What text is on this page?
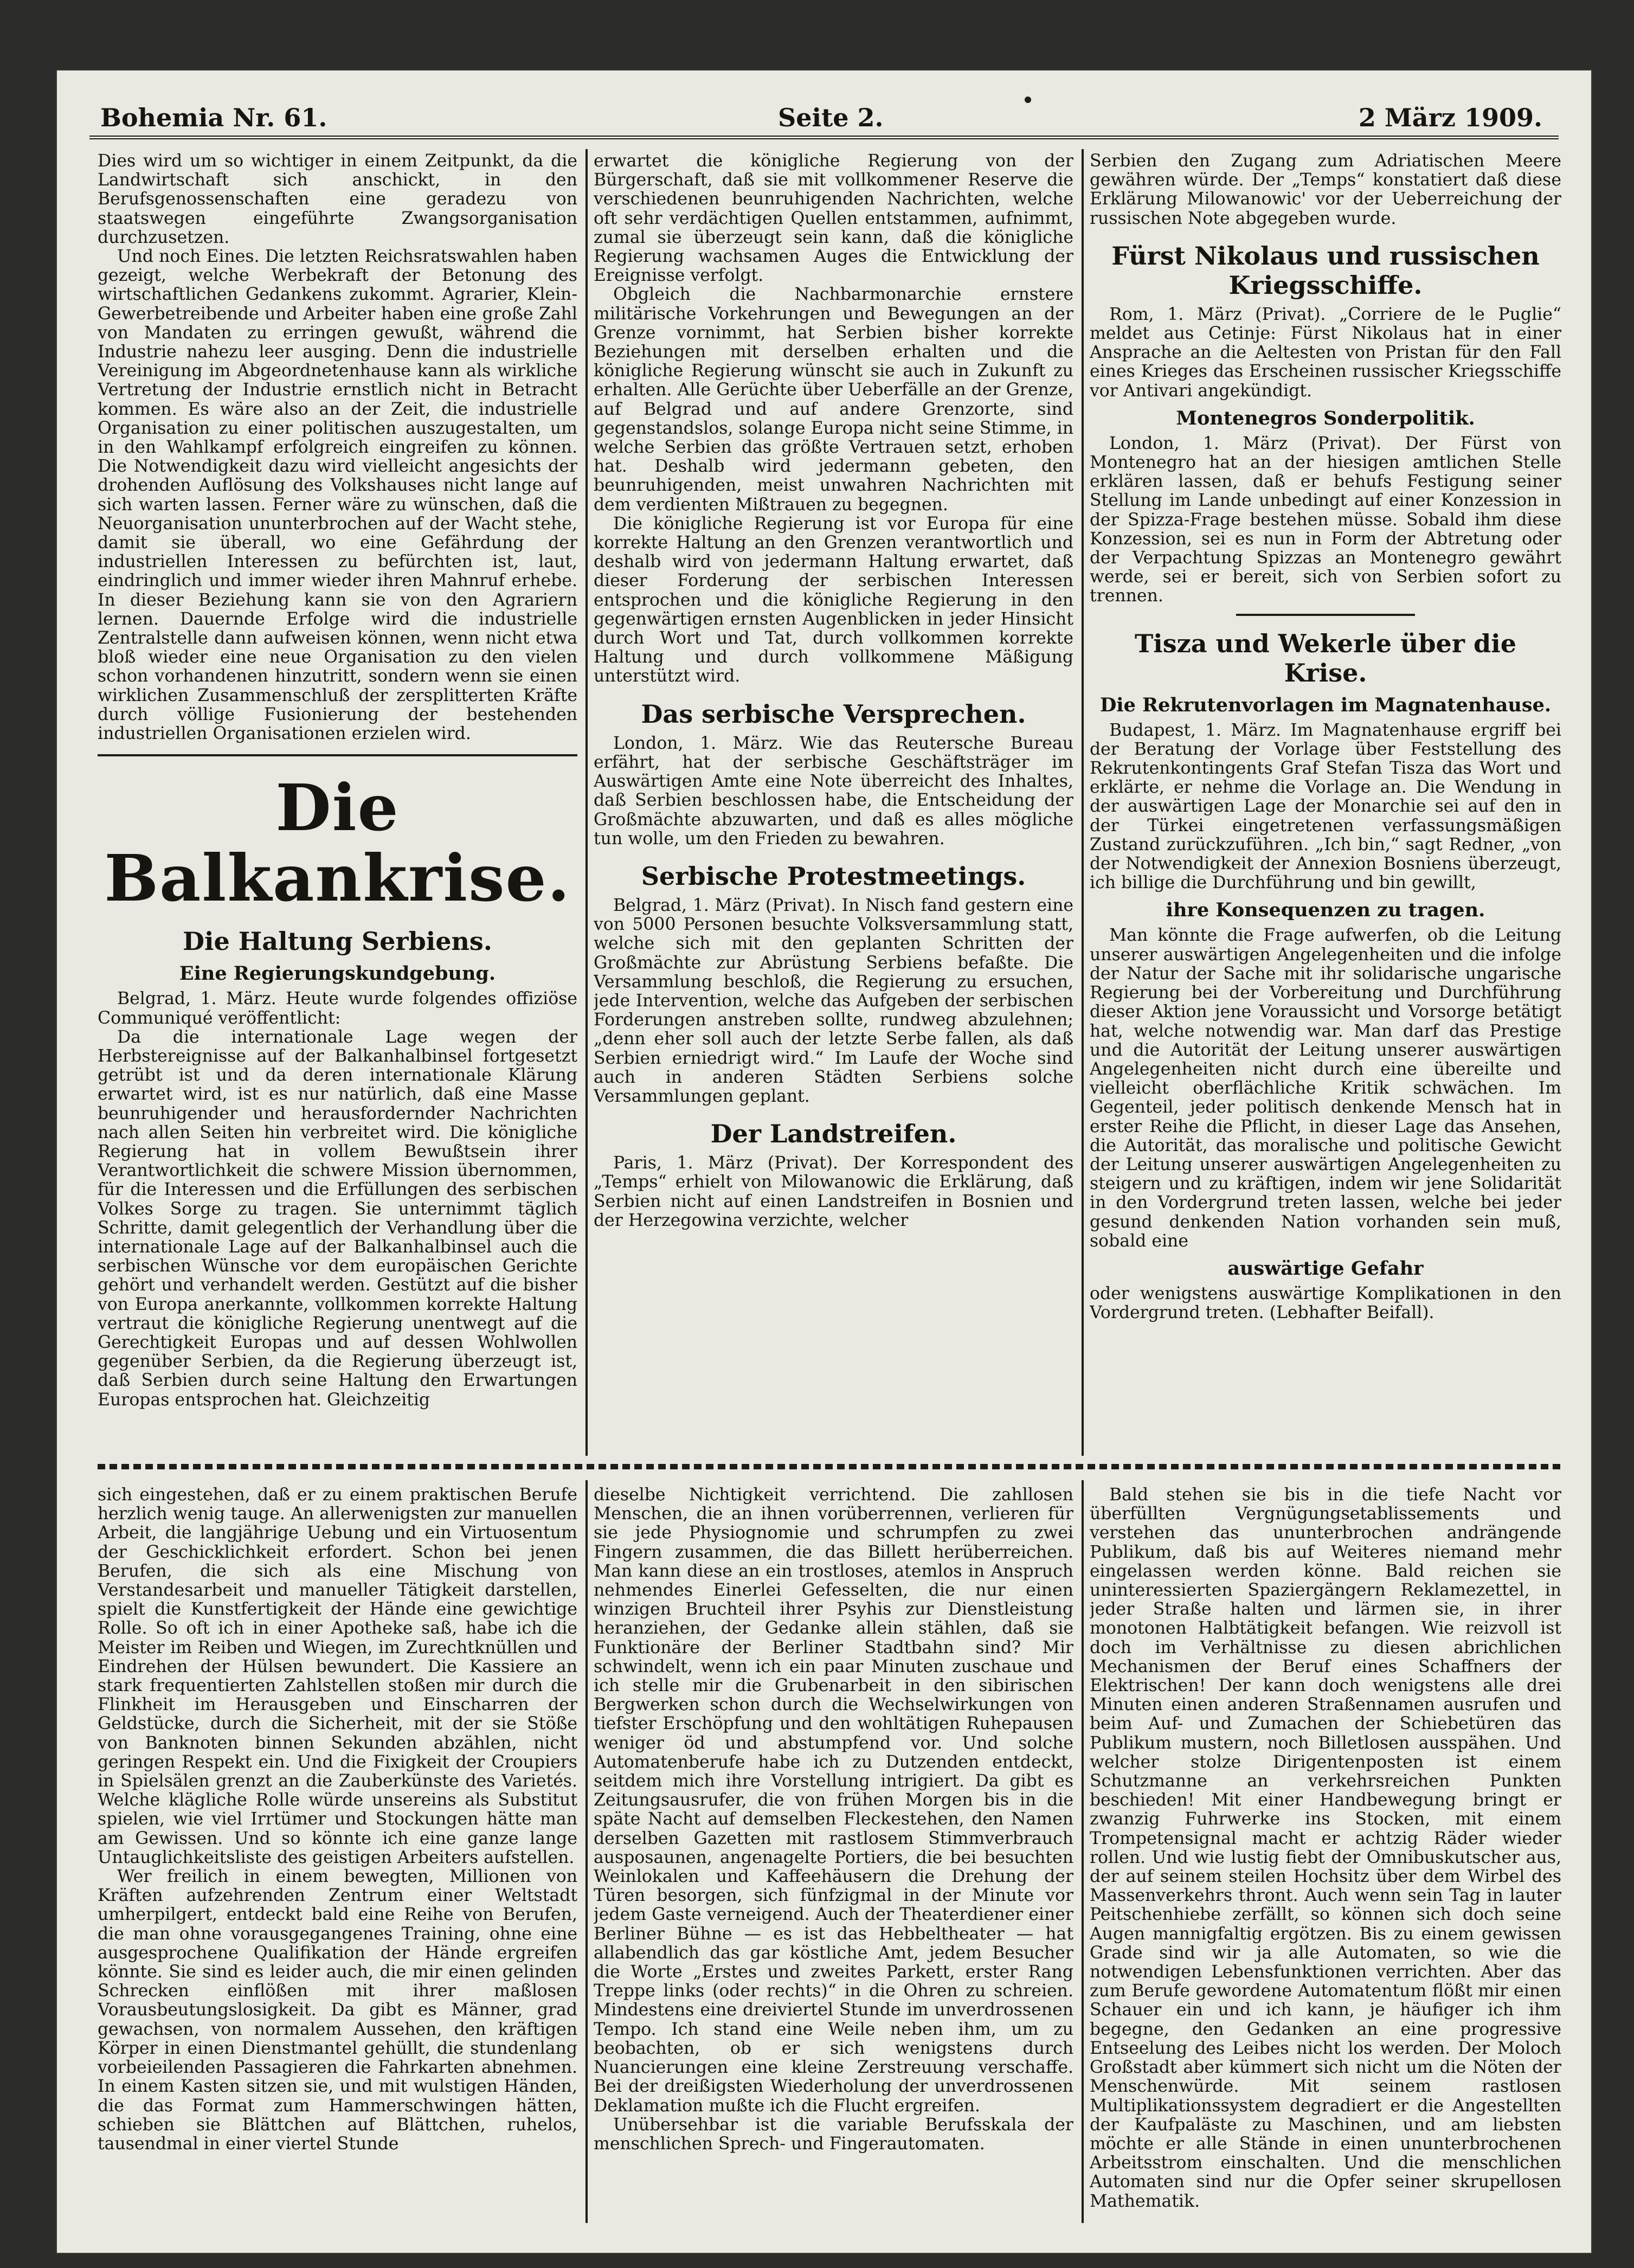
Bohemia Nr. 61.	Seite 2.	2 März 1909.

Dies wird um so wichtiger in einem Zeitpunkt, da die Landwirtschaft sich anschickt, in den Berufsgenossenschaften eine geradezu von staatswegen eingeführte Zwangsorganisation durchzusetzen.

Und noch Eines. Die letzten Reichsratswahlen haben gezeigt, welche Werbekraft der Betonung des wirtschaftlichen Gedankens zukommt. Agrarier, Klein-Gewerbetreibende und Arbeiter haben eine große Zahl von Mandaten zu erringen gewußt, während die Industrie nahezu leer ausging. Denn die industrielle Vereinigung im Abgeordnetenhause kann als wirkliche Vertretung der Industrie ernstlich nicht in Betracht kommen. Es wäre also an der Zeit, die industrielle Organisation zu einer politischen auszugestalten, um in den Wahlkampf erfolgreich eingreifen zu können. Die Notwendigkeit dazu wird vielleicht angesichts der drohenden Auflösung des Volkshauses nicht lange auf sich warten lassen. Ferner wäre zu wünschen, daß die Neuorganisation ununterbrochen auf der Wacht stehe, damit sie überall, wo eine Gefährdung der industriellen Interessen zu befürchten ist, laut, eindringlich und immer wieder ihren Mahnruf erhebe. In dieser Beziehung kann sie von den Agrariern lernen. Dauernde Erfolge wird die industrielle Zentralstelle dann aufweisen können, wenn nicht etwa bloß wieder eine neue Organisation zu den vielen schon vorhandenen hinzutritt, sondern wenn sie einen wirklichen Zusammenschluß der zersplitterten Kräfte durch völlige Fusionierung der bestehenden industriellen Organisationen erzielen wird.

Die Balkankrise.
Die Haltung Serbiens.
Eine Regierungskundgebung.

Belgrad, 1. März. Heute wurde folgendes offiziöse Communiqué veröffentlicht:

Da die internationale Lage wegen der Herbstereignisse auf der Balkanhalbinsel fortgesetzt getrübt ist und da deren internationale Klärung erwartet wird, ist es nur natürlich, daß eine Masse beunruhigender und herausfordernder Nachrichten nach allen Seiten hin verbreitet wird. Die königliche Regierung hat in vollem Bewußtsein ihrer Verantwortlichkeit die schwere Mission übernommen, für die Interessen und die Erfüllungen des serbischen Volkes Sorge zu tragen. Sie unternimmt täglich Schritte, damit gelegentlich der Verhandlung über die internationale Lage auf der Balkanhalbinsel auch die serbischen Wünsche vor dem europäischen Gerichte gehört und verhandelt werden. Gestützt auf die bisher von Europa anerkannte, vollkommen korrekte Haltung vertraut die königliche Regierung unentwegt auf die Gerechtigkeit Europas und auf dessen Wohlwollen gegenüber Serbien, da die Regierung überzeugt ist, daß Serbien durch seine Haltung den Erwartungen Europas entsprochen hat. Gleichzeitig

erwartet die königliche Regierung von der Bürgerschaft, daß sie mit vollkommener Reserve die verschiedenen beunruhigenden Nachrichten, welche oft sehr verdächtigen Quellen entstammen, aufnimmt, zumal sie überzeugt sein kann, daß die königliche Regierung wachsamen Auges die Entwicklung der Ereignisse verfolgt.

Obgleich die Nachbarmonarchie ernstere militärische Vorkehrungen und Bewegungen an der Grenze vornimmt, hat Serbien bisher korrekte Beziehungen mit derselben erhalten und die königliche Regierung wünscht sie auch in Zukunft zu erhalten. Alle Gerüchte über Ueberfälle an der Grenze, auf Belgrad und auf andere Grenzorte, sind gegenstandslos, solange Europa nicht seine Stimme, in welche Serbien das größte Vertrauen setzt, erhoben hat. Deshalb wird jedermann gebeten, den beunruhigenden, meist unwahren Nachrichten mit dem verdienten Mißtrauen zu begegnen.

Die königliche Regierung ist vor Europa für eine korrekte Haltung an den Grenzen verantwortlich und deshalb wird von jedermann Haltung erwartet, daß dieser Forderung der serbischen Interessen entsprochen und die königliche Regierung in den gegenwärtigen ernsten Augenblicken in jeder Hinsicht durch Wort und Tat, durch vollkommen korrekte Haltung und durch vollkommene Mäßigung unterstützt wird.

Das serbische Versprechen.

London, 1. März. Wie das Reutersche Bureau erfährt, hat der serbische Geschäftsträger im Auswärtigen Amte eine Note überreicht des Inhaltes, daß Serbien beschlossen habe, die Entscheidung der Großmächte abzuwarten, und daß es alles mögliche tun wolle, um den Frieden zu bewahren.

Serbische Protestmeetings.

Belgrad, 1. März (Privat). In Nisch fand gestern eine von 5000 Personen besuchte Volksversammlung statt, welche sich mit den geplanten Schritten der Großmächte zur Abrüstung Serbiens befaßte. Die Versammlung beschloß, die Regierung zu ersuchen, jede Intervention, welche das Aufgeben der serbischen Forderungen anstreben sollte, rundweg abzulehnen; „denn eher soll auch der letzte Serbe fallen, als daß Serbien erniedrigt wird.“ Im Laufe der Woche sind auch in anderen Städten Serbiens solche Versammlungen geplant.

Der Landstreifen.

Paris, 1. März (Privat). Der Korrespondent des „Temps“ erhielt von Milowanowic die Erklärung, daß Serbien nicht auf einen Landstreifen in Bosnien und der Herzegowina verzichte, welcher

Serbien den Zugang zum Adriatischen Meere gewähren würde. Der „Temps“ konstatiert daß diese Erklärung Milowanowic' vor der Ueberreichung der russischen Note abgegeben wurde.

Fürst Nikolaus und russischen Kriegsschiffe.

Rom, 1. März (Privat). „Corriere de le Puglie“ meldet aus Cetinje: Fürst Nikolaus hat in einer Ansprache an die Aeltesten von Pristan für den Fall eines Krieges das Erscheinen russischer Kriegsschiffe vor Antivari angekündigt.

Montenegros Sonderpolitik.

London, 1. März (Privat). Der Fürst von Montenegro hat an der hiesigen amtlichen Stelle erklären lassen, daß er behufs Festigung seiner Stellung im Lande unbedingt auf einer Konzession in der Spizza-Frage bestehen müsse. Sobald ihm diese Konzession, sei es nun in Form der Abtretung oder der Verpachtung Spizzas an Montenegro gewährt werde, sei er bereit, sich von Serbien sofort zu trennen.

Tisza und Wekerle über die Krise.
Die Rekrutenvorlagen im Magnatenhause.

Budapest, 1. März. Im Magnatenhause ergriff bei der Beratung der Vorlage über Feststellung des Rekrutenkontingents Graf Stefan Tisza das Wort und erklärte, er nehme die Vorlage an. Die Wendung in der auswärtigen Lage der Monarchie sei auf den in der Türkei eingetretenen verfassungsmäßigen Zustand zurückzuführen. „Ich bin,“ sagt Redner, „von der Notwendigkeit der Annexion Bosniens überzeugt, ich billige die Durchführung und bin gewillt,

ihre Konsequenzen zu tragen.

Man könnte die Frage aufwerfen, ob die Leitung unserer auswärtigen Angelegenheiten und die infolge der Natur der Sache mit ihr solidarische ungarische Regierung bei der Vorbereitung und Durchführung dieser Aktion jene Voraussicht und Vorsorge betätigt hat, welche notwendig war. Man darf das Prestige und die Autorität der Leitung unserer auswärtigen Angelegenheiten nicht durch eine übereilte und vielleicht oberflächliche Kritik schwächen. Im Gegenteil, jeder politisch denkende Mensch hat in erster Reihe die Pflicht, in dieser Lage das Ansehen, die Autorität, das moralische und politische Gewicht der Leitung unserer auswärtigen Angelegenheiten zu steigern und zu kräftigen, indem wir jene Solidarität in den Vordergrund treten lassen, welche bei jeder gesund denkenden Nation vorhanden sein muß, sobald eine

auswärtige Gefahr

oder wenigstens auswärtige Komplikationen in den Vordergrund treten. (Lebhafter Beifall).

sich eingestehen, daß er zu einem praktischen Berufe herzlich wenig tauge. An allerwenigsten zur manuellen Arbeit, die langjährige Uebung und ein Virtuosentum der Geschicklichkeit erfordert. Schon bei jenen Berufen, die sich als eine Mischung von Verstandesarbeit und manueller Tätigkeit darstellen, spielt die Kunstfertigkeit der Hände eine gewichtige Rolle. So oft ich in einer Apotheke saß, habe ich die Meister im Reiben und Wiegen, im Zurechtknüllen und Eindrehen der Hülsen bewundert. Die Kassiere an stark frequentierten Zahlstellen stoßen mir durch die Flinkheit im Herausgeben und Einscharren der Geldstücke, durch die Sicherheit, mit der sie Stöße von Banknoten binnen Sekunden abzählen, nicht geringen Respekt ein. Und die Fixigkeit der Croupiers in Spielsälen grenzt an die Zauberkünste des Varietés. Welche klägliche Rolle würde unsereins als Substitut spielen, wie viel Irrtümer und Stockungen hätte man am Gewissen. Und so könnte ich eine ganze lange Untauglichkeitsliste des geistigen Arbeiters aufstellen.

Wer freilich in einem bewegten, Millionen von Kräften aufzehrenden Zentrum einer Weltstadt umherpilgert, entdeckt bald eine Reihe von Berufen, die man ohne vorausgegangenes Training, ohne eine ausgesprochene Qualifikation der Hände ergreifen könnte. Sie sind es leider auch, die mir einen gelinden Schrecken einflößen mit ihrer maßlosen Vorausbeutungslosigkeit. Da gibt es Männer, grad gewachsen, von normalem Aussehen, den kräftigen Körper in einen Dienstmantel gehüllt, die stundenlang vorbeieilenden Passagieren die Fahrkarten abnehmen. In einem Kasten sitzen sie, und mit wulstigen Händen, die das Format zum Hammerschwingen hätten, schieben sie Blättchen auf Blättchen, ruhelos, tausendmal in einer viertel Stunde

dieselbe Nichtigkeit verrichtend. Die zahllosen Menschen, die an ihnen vorüberrennen, verlieren für sie jede Physiognomie und schrumpfen zu zwei Fingern zusammen, die das Billett herüberreichen. Man kann diese an ein trostloses, atemlos in Anspruch nehmendes Einerlei Gefesselten, die nur einen winzigen Bruchteil ihrer Psyhis zur Dienstleistung heranziehen, der Gedanke allein stählen, daß sie Funktionäre der Berliner Stadtbahn sind? Mir schwindelt, wenn ich ein paar Minuten zuschaue und ich stelle mir die Grubenarbeit in den sibirischen Bergwerken schon durch die Wechselwirkungen von tiefster Erschöpfung und den wohltätigen Ruhepausen weniger öd und abstumpfend vor. Und solche Automatenberufe habe ich zu Dutzenden entdeckt, seitdem mich ihre Vorstellung intrigiert. Da gibt es Zeitungsausrufer, die von frühen Morgen bis in die späte Nacht auf demselben Fleckestehen, den Namen derselben Gazetten mit rastlosem Stimmverbrauch ausposaunen, angenagelte Portiers, die bei besuchten Weinlokalen und Kaffeehäusern die Drehung der Türen besorgen, sich fünfzigmal in der Minute vor jedem Gaste verneigend. Auch der Theaterdiener einer Berliner Bühne — es ist das Hebbeltheater — hat allabendlich das gar köstliche Amt, jedem Besucher die Worte „Erstes und zweites Parkett, erster Rang Treppe links (oder rechts)“ in die Ohren zu schreien. Mindestens eine dreiviertel Stunde im unverdrossenen Tempo. Ich stand eine Weile neben ihm, um zu beobachten, ob er sich wenigstens durch Nuancierungen eine kleine Zerstreuung verschaffe. Bei der dreißigsten Wiederholung der unverdrossenen Deklamation mußte ich die Flucht ergreifen.

Unübersehbar ist die variable Berufsskala der menschlichen Sprech- und Fingerautomaten.

Bald stehen sie bis in die tiefe Nacht vor überfüllten Vergnügungsetablissements und verstehen das ununterbrochen andrängende Publikum, daß bis auf Weiteres niemand mehr eingelassen werden könne. Bald reichen sie uninteressierten Spaziergängern Reklamezettel, in jeder Straße halten und lärmen sie, in ihrer monotonen Halbtätigkeit befangen. Wie reizvoll ist doch im Verhältnisse zu diesen abrichlichen Mechanismen der Beruf eines Schaffners der Elektrischen! Der kann doch wenigstens alle drei Minuten einen anderen Straßennamen ausrufen und beim Auf- und Zumachen der Schiebetüren das Publikum mustern, noch Billetlosen ausspähen. Und welcher stolze Dirigentenposten ist einem Schutzmanne an verkehrsreichen Punkten beschieden! Mit einer Handbewegung bringt er zwanzig Fuhrwerke ins Stocken, mit einem Trompetensignal macht er achtzig Räder wieder rollen. Und wie lustig fiebt der Omnibuskutscher aus, der auf seinem steilen Hochsitz über dem Wirbel des Massenverkehrs thront. Auch wenn sein Tag in lauter Peitschenhiebe zerfällt, so können sich doch seine Augen mannigfaltig ergötzen. Bis zu einem gewissen Grade sind wir ja alle Automaten, so wie die notwendigen Lebensfunktionen verrichten. Aber das zum Berufe gewordene Automatentum flößt mir einen Schauer ein und ich kann, je häufiger ich ihm begegne, den Gedanken an eine progressive Entseelung des Leibes nicht los werden. Der Moloch Großstadt aber kümmert sich nicht um die Nöten der Menschenwürde. Mit seinem rastlosen Multiplikationssystem degradiert er die Angestellten der Kaufpaläste zu Maschinen, und am liebsten möchte er alle Stände in einen ununterbrochenen Arbeitsstrom einschalten. Und die menschlichen Automaten sind nur die Opfer seiner skrupellosen Mathematik.
